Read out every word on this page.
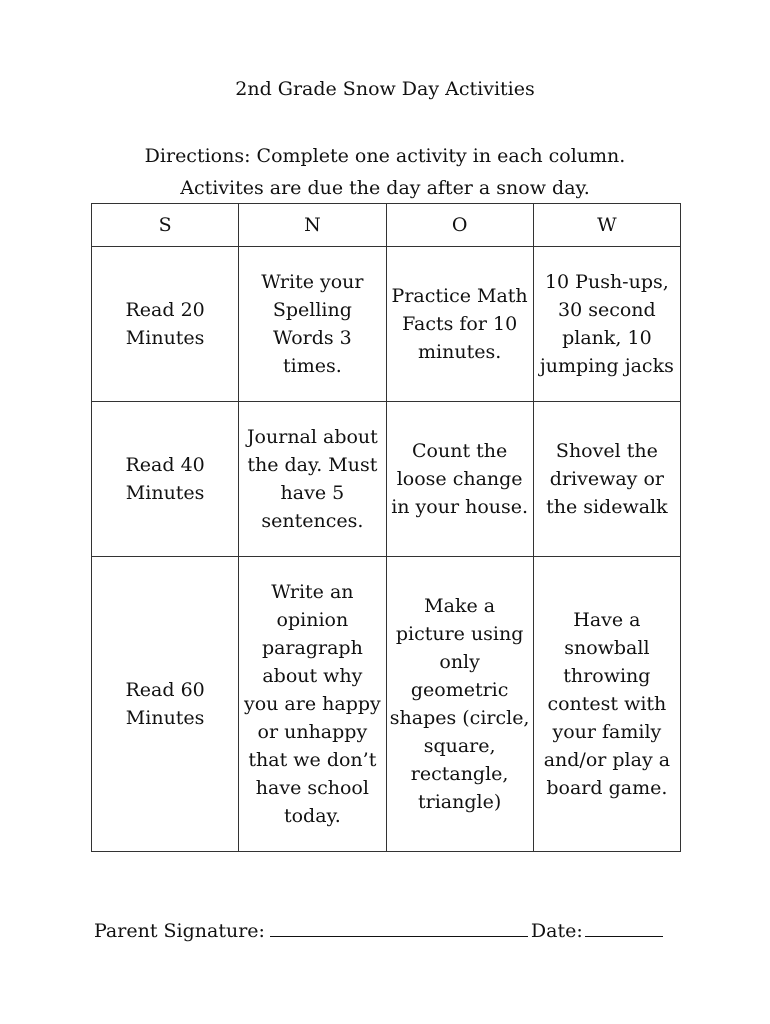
2nd Grade Snow Day Activities
Directions: Complete one activity in each column.
Activites are due the day after a snow day.
S	N	O	W
Read 20 Minutes	Write your Spelling Words 3 times.	Practice Math Facts for 10 minutes.	10 Push-ups, 30 second plank, 10 jumping jacks
Read 40 Minutes	Journal about the day. Must have 5 sentences.	Count the loose change in your house.	Shovel the driveway or the sidewalk
Read 60 Minutes	Write an opinion paragraph about why you are happy or unhappy that we don’t have school today.	Make a picture using only geometric shapes (circle, square, rectangle, triangle)	Have a snowball throwing contest with your family and/or play a board game.
Parent Signature:	Date:
